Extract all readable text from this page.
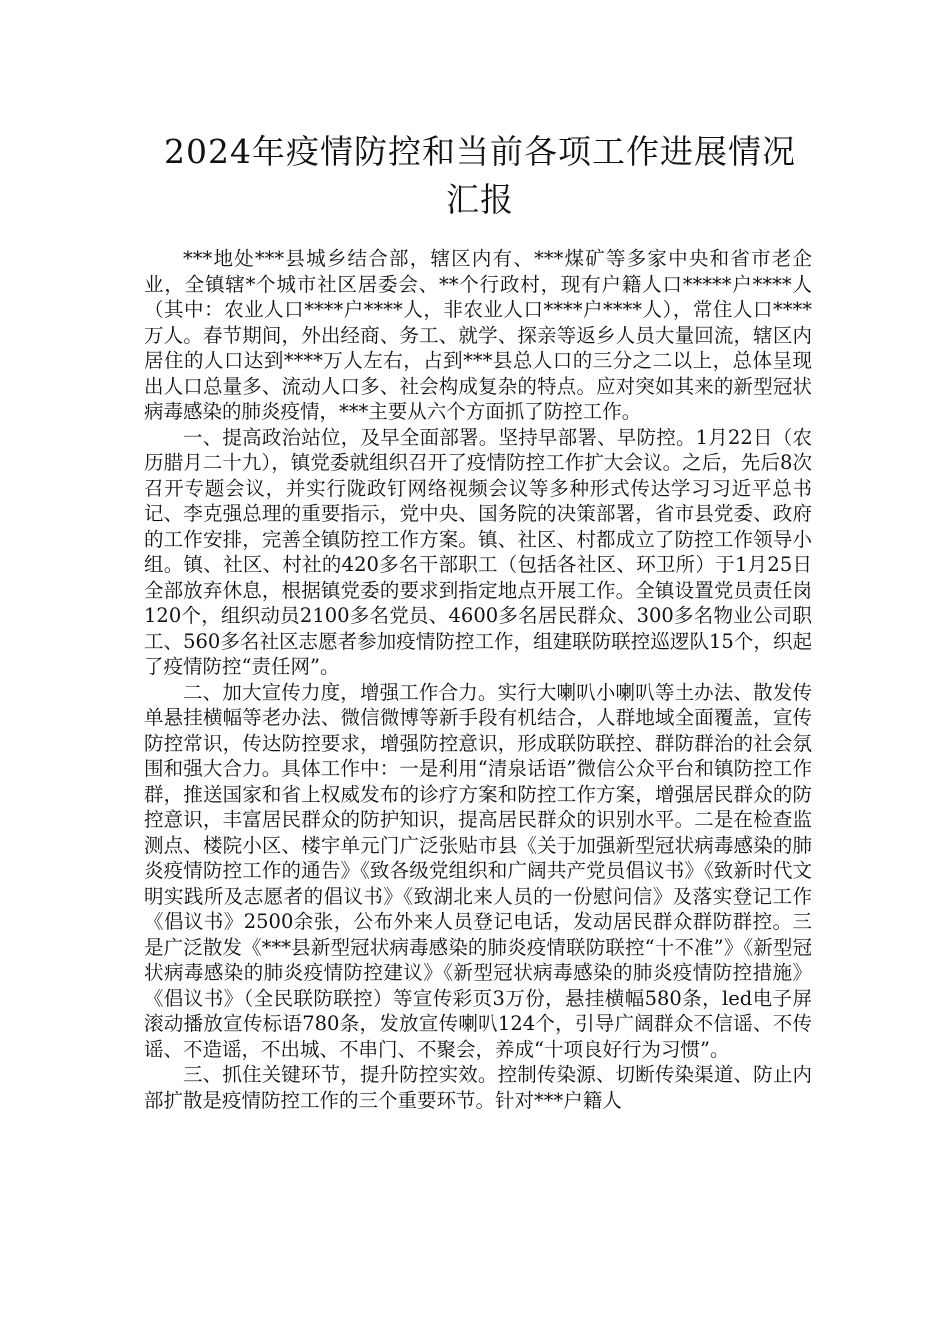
2024年疫情防控和当前各项工作进展情况
汇报

***地处***县城乡结合部，辖区内有、***煤矿等多家中央和省市老企业，全镇辖*个城市社区居委会、**个行政村，现有户籍人口*****户****人（其中：农业人口****户****人，非农业人口****户****人），常住人口****万人。春节期间，外出经商、务工、就学、探亲等返乡人员大量回流，辖区内居住的人口达到****万人左右，占到***县总人口的三分之二以上，总体呈现出人口总量多、流动人口多、社会构成复杂的特点。应对突如其来的新型冠状病毒感染的肺炎疫情，***主要从六个方面抓了防控工作。

一、提高政治站位，及早全面部署。坚持早部署、早防控。1月22日（农历腊月二十九），镇党委就组织召开了疫情防控工作扩大会议。之后，先后8次召开专题会议，并实行陇政钉网络视频会议等多种形式传达学习习近平总书记、李克强总理的重要指示，党中央、国务院的决策部署，省市县党委、政府的工作安排，完善全镇防控工作方案。镇、社区、村都成立了防控工作领导小组。镇、社区、村社的420多名干部职工（包括各社区、环卫所）于1月25日全部放弃休息，根据镇党委的要求到指定地点开展工作。全镇设置党员责任岗120个，组织动员2100多名党员、4600多名居民群众、300多名物业公司职工、560多名社区志愿者参加疫情防控工作，组建联防联控巡逻队15个，织起了疫情防控“责任网”。

二、加大宣传力度，增强工作合力。实行大喇叭小喇叭等土办法、散发传单悬挂横幅等老办法、微信微博等新手段有机结合，人群地域全面覆盖，宣传防控常识，传达防控要求，增强防控意识，形成联防联控、群防群治的社会氛围和强大合力。具体工作中：一是利用“清泉话语”微信公众平台和镇防控工作群，推送国家和省上权威发布的诊疗方案和防控工作方案，增强居民群众的防控意识，丰富居民群众的防护知识，提高居民群众的识别水平。二是在检查监测点、楼院小区、楼宇单元门广泛张贴市县《关于加强新型冠状病毒感染的肺炎疫情防控工作的通告》《致各级党组织和广阔共产党员倡议书》《致新时代文明实践所及志愿者的倡议书》《致湖北来人员的一份慰问信》及落实登记工作《倡议书》2500余张，公布外来人员登记电话，发动居民群众群防群控。三是广泛散发《***县新型冠状病毒感染的肺炎疫情联防联控“十不准”》《新型冠状病毒感染的肺炎疫情防控建议》《新型冠状病毒感染的肺炎疫情防控措施》《倡议书》（全民联防联控）等宣传彩页3万份，悬挂横幅580条，led电子屏滚动播放宣传标语780条，发放宣传喇叭124个，引导广阔群众不信谣、不传谣、不造谣，不出城、不串门、不聚会，养成“十项良好行为习惯”。

三、抓住关键环节，提升防控实效。控制传染源、切断传染渠道、防止内部扩散是疫情防控工作的三个重要环节。针对***户籍人
